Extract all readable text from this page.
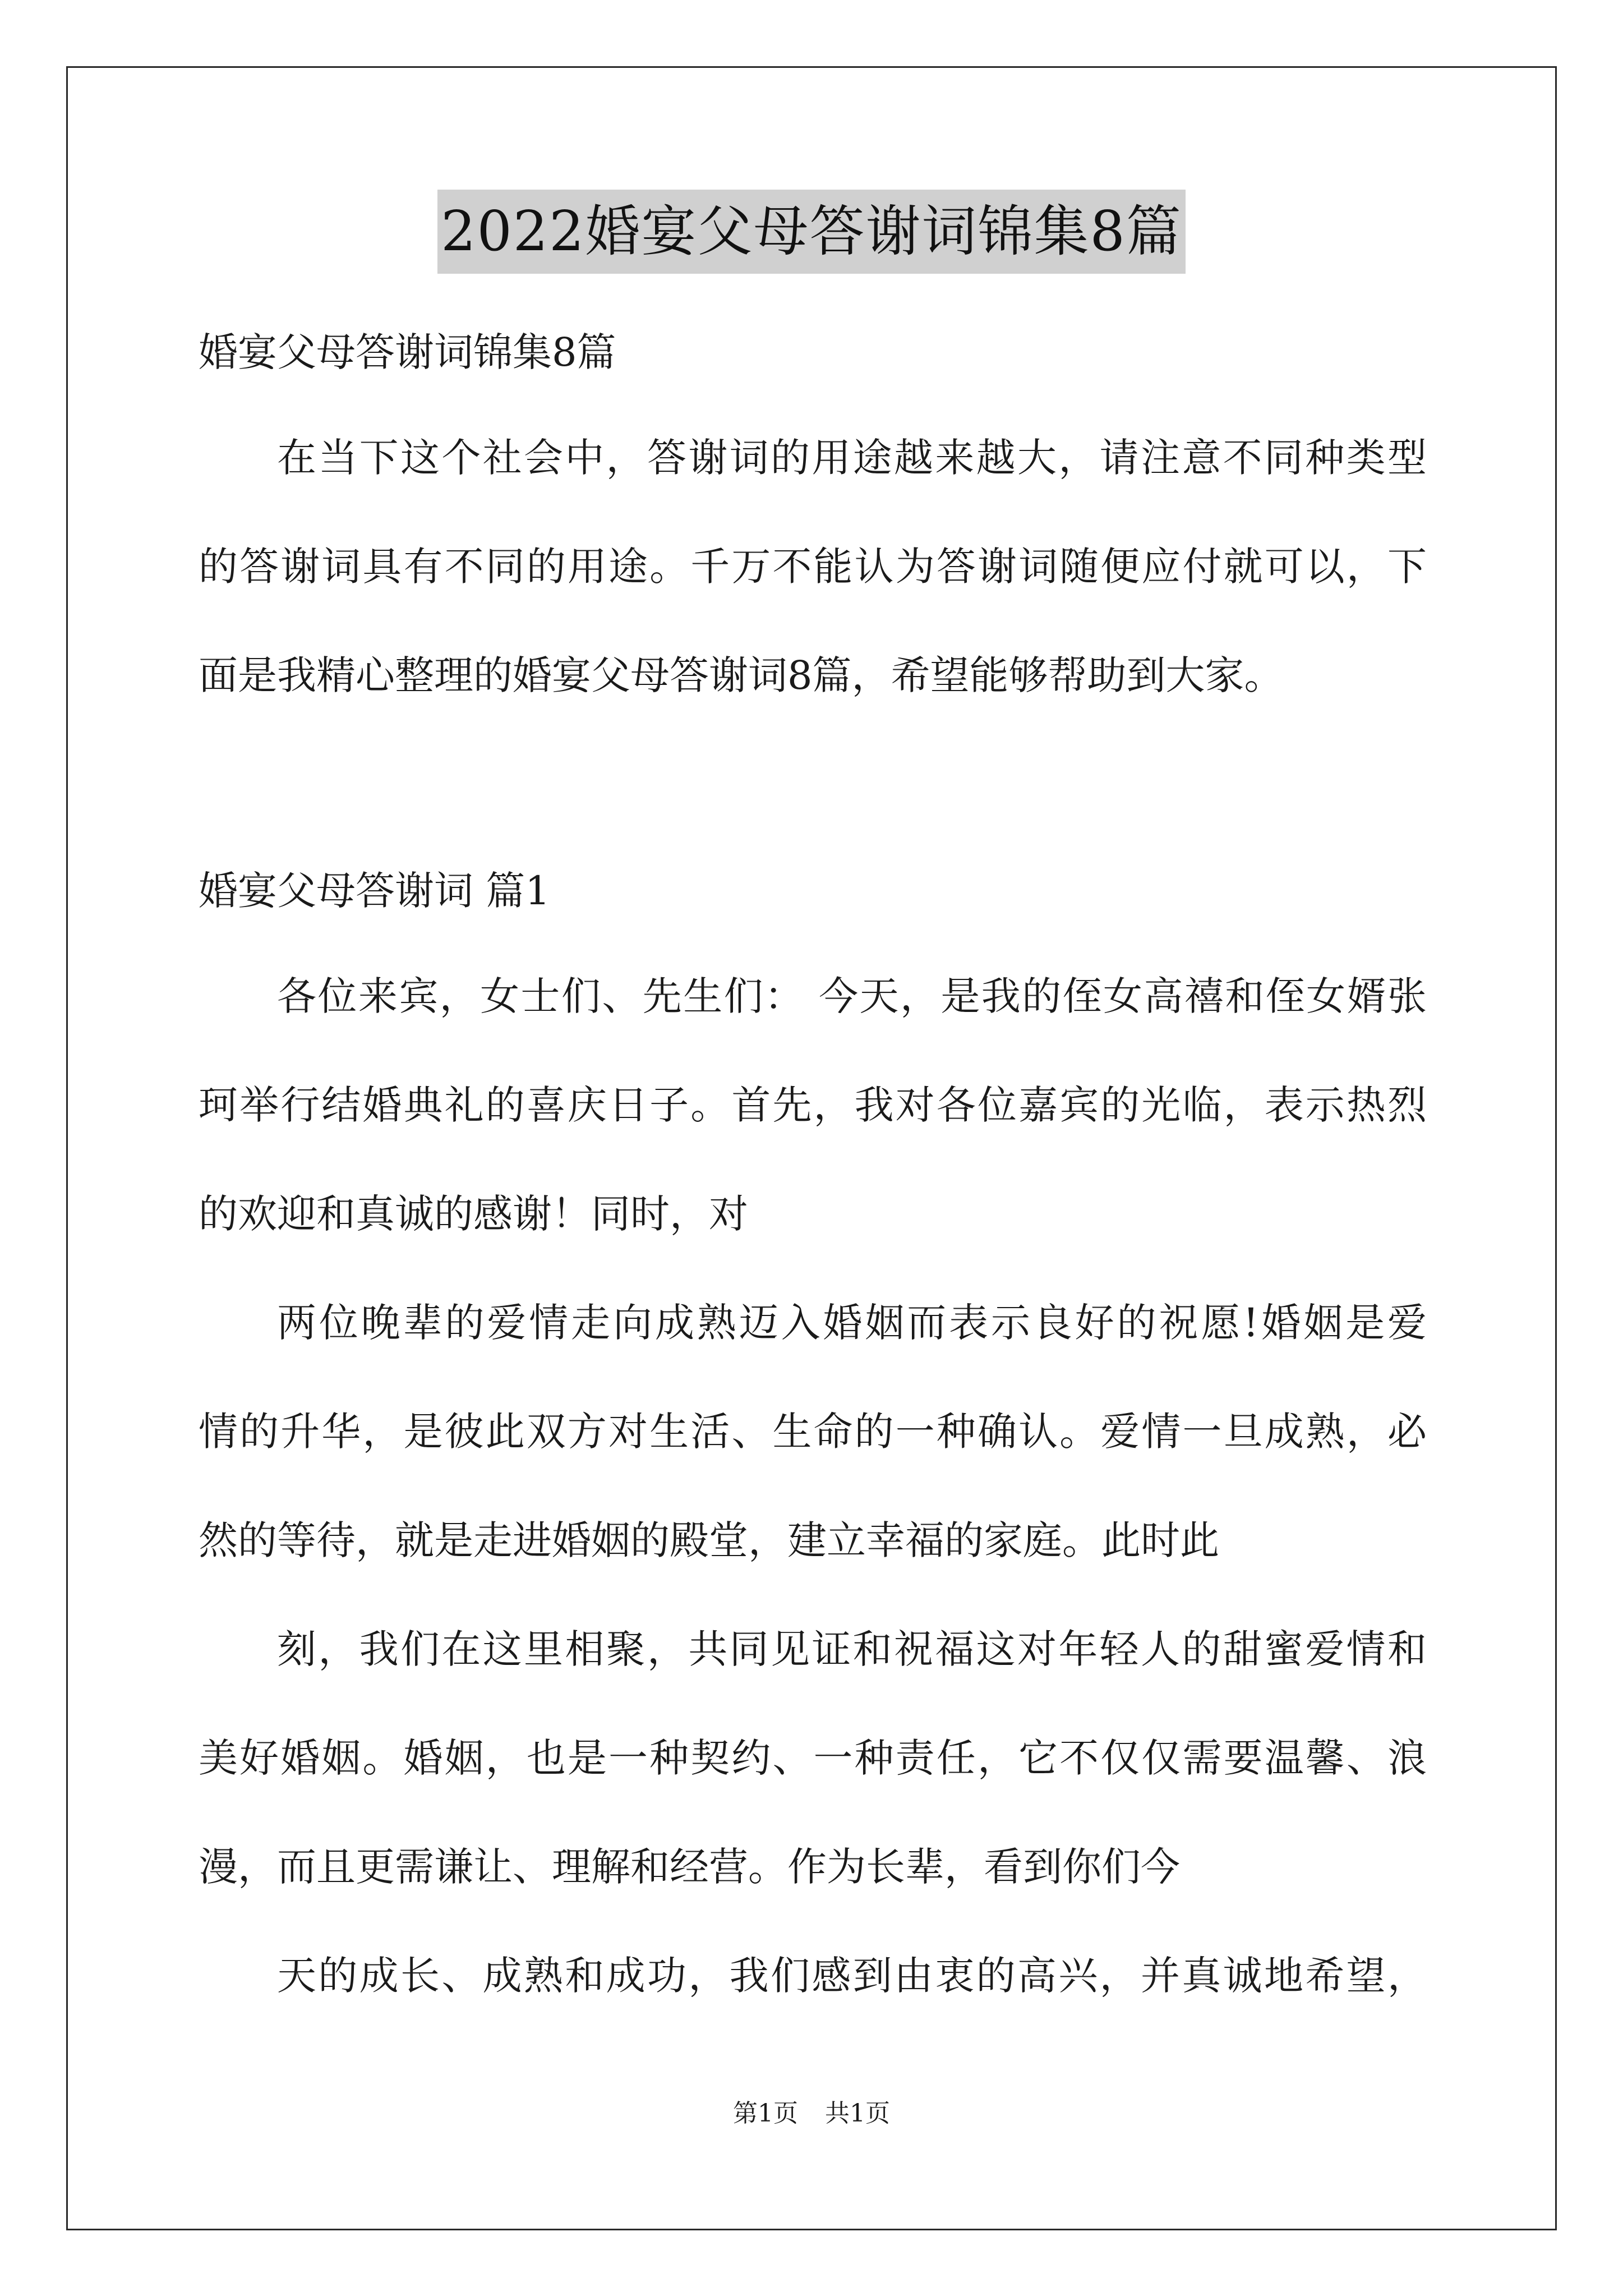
2022婚宴父母答谢词锦集8篇
婚宴父母答谢词锦集8篇
在当下这个社会中，答谢词的用途越来越大，请注意不同种类型
的答谢词具有不同的用途。千万不能认为答谢词随便应付就可以，下
面是我精心整理的婚宴父母答谢词8篇，希望能够帮助到大家。
婚宴父母答谢词 篇1
各位来宾，女士们、先生们： 今天，是我的侄女高禧和侄女婿张
珂举行结婚典礼的喜庆日子。首先，我对各位嘉宾的光临，表示热烈
的欢迎和真诚的感谢！同时，对
两位晚辈的爱情走向成熟迈入婚姻而表示良好的祝愿!婚姻是爱
情的升华，是彼此双方对生活、生命的一种确认。爱情一旦成熟，必
然的等待，就是走进婚姻的殿堂，建立幸福的家庭。此时此
刻，我们在这里相聚，共同见证和祝福这对年轻人的甜蜜爱情和
美好婚姻。婚姻，也是一种契约、一种责任，它不仅仅需要温馨、浪
漫，而且更需谦让、理解和经营。作为长辈，看到你们今
天的成长、成熟和成功，我们感到由衷的高兴，并真诚地希望，
第1页 共1页
